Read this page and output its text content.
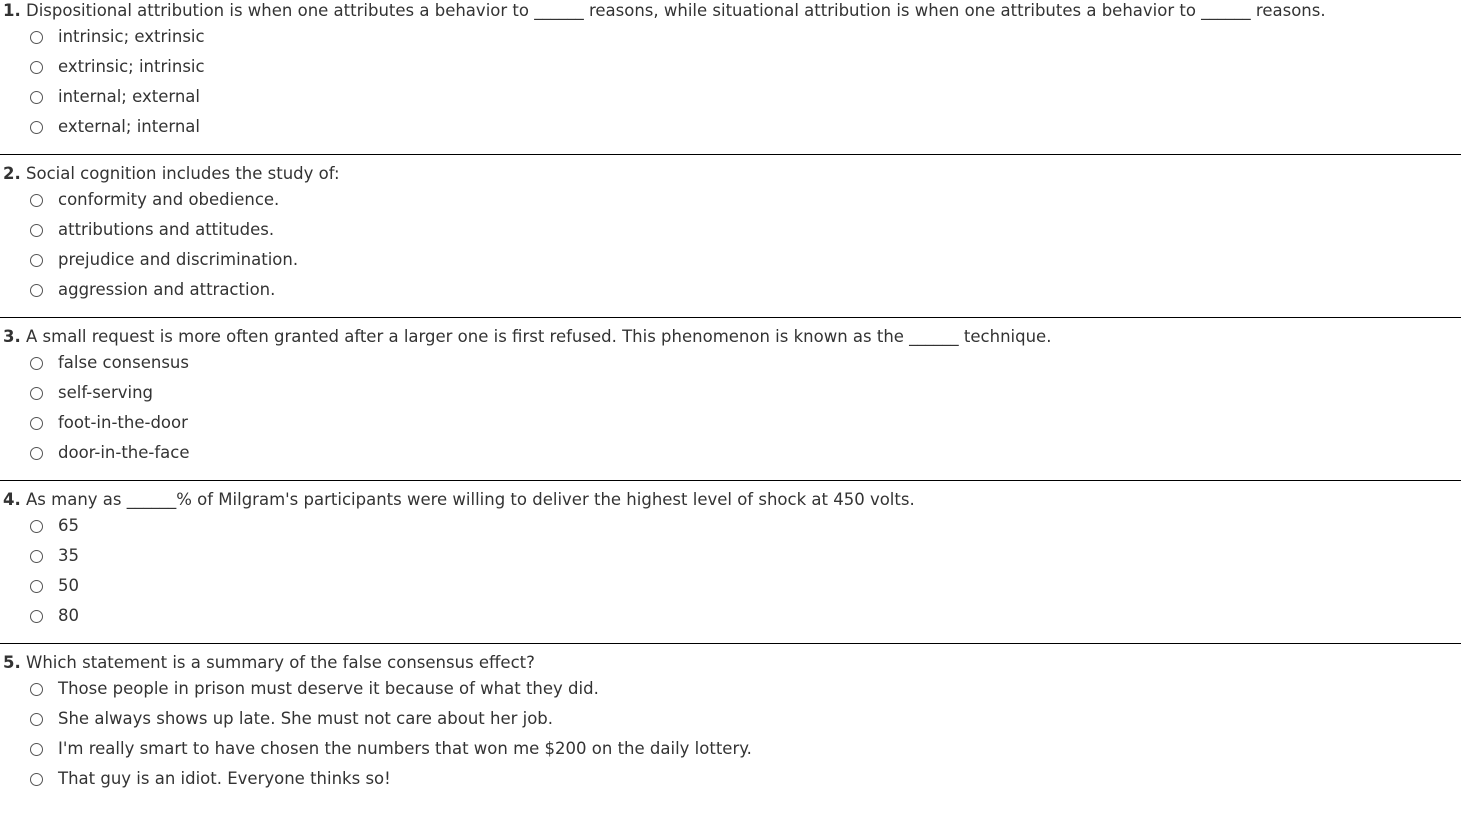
1. Dispositional attribution is when one attributes a behavior to ______ reasons, while situational attribution is when one attributes a behavior to ______ reasons.
intrinsic; extrinsic
extrinsic; intrinsic
internal; external
external; internal
2. Social cognition includes the study of:
conformity and obedience.
attributions and attitudes.
prejudice and discrimination.
aggression and attraction.
3. A small request is more often granted after a larger one is first refused. This phenomenon is known as the ______ technique.
false consensus
self-serving
foot-in-the-door
door-in-the-face
4. As many as ______% of Milgram's participants were willing to deliver the highest level of shock at 450 volts.
65
35
50
80
5. Which statement is a summary of the false consensus effect?
Those people in prison must deserve it because of what they did.
She always shows up late. She must not care about her job.
I'm really smart to have chosen the numbers that won me $200 on the daily lottery.
That guy is an idiot. Everyone thinks so!
